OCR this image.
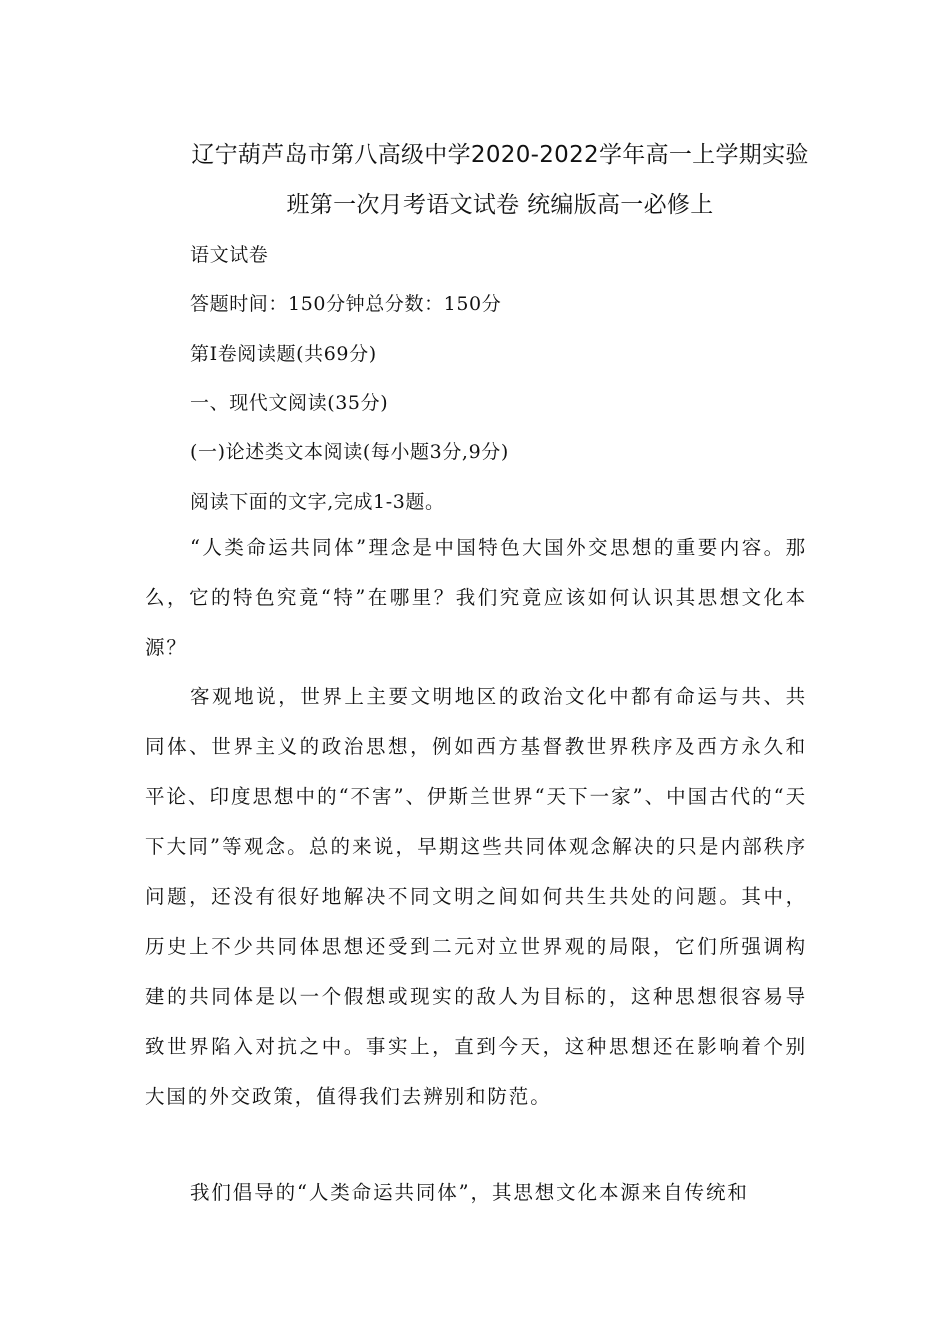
辽宁葫芦岛市第八高级中学2020-2022学年高一上学期实验
班第一次月考语文试卷 统编版高一必修上
语文试卷
答题时间：150分钟总分数：150分
第Ⅰ卷阅读题(共69分)
一、现代文阅读(35分)
(一)论述类文本阅读(每小题3分,9分)
阅读下面的文字,完成1-3题。

“人类命运共同体”理念是中国特色大国外交思想的重要内容。那么，它的特色究竟“特”在哪里？我们究竟应该如何认识其思想文化本源？

客观地说，世界上主要文明地区的政治文化中都有命运与共、共同体、世界主义的政治思想，例如西方基督教世界秩序及西方永久和平论、印度思想中的“不害”、伊斯兰世界“天下一家”、中国古代的“天下大同”等观念。总的来说，早期这些共同体观念解决的只是内部秩序问题，还没有很好地解决不同文明之间如何共生共处的问题。其中，历史上不少共同体思想还受到二元对立世界观的局限，它们所强调构建的共同体是以一个假想或现实的敌人为目标的，这种思想很容易导致世界陷入对抗之中。事实上，直到今天，这种思想还在影响着个别大国的外交政策，值得我们去辨别和防范。

我们倡导的“人类命运共同体”，其思想文化本源来自传统和
